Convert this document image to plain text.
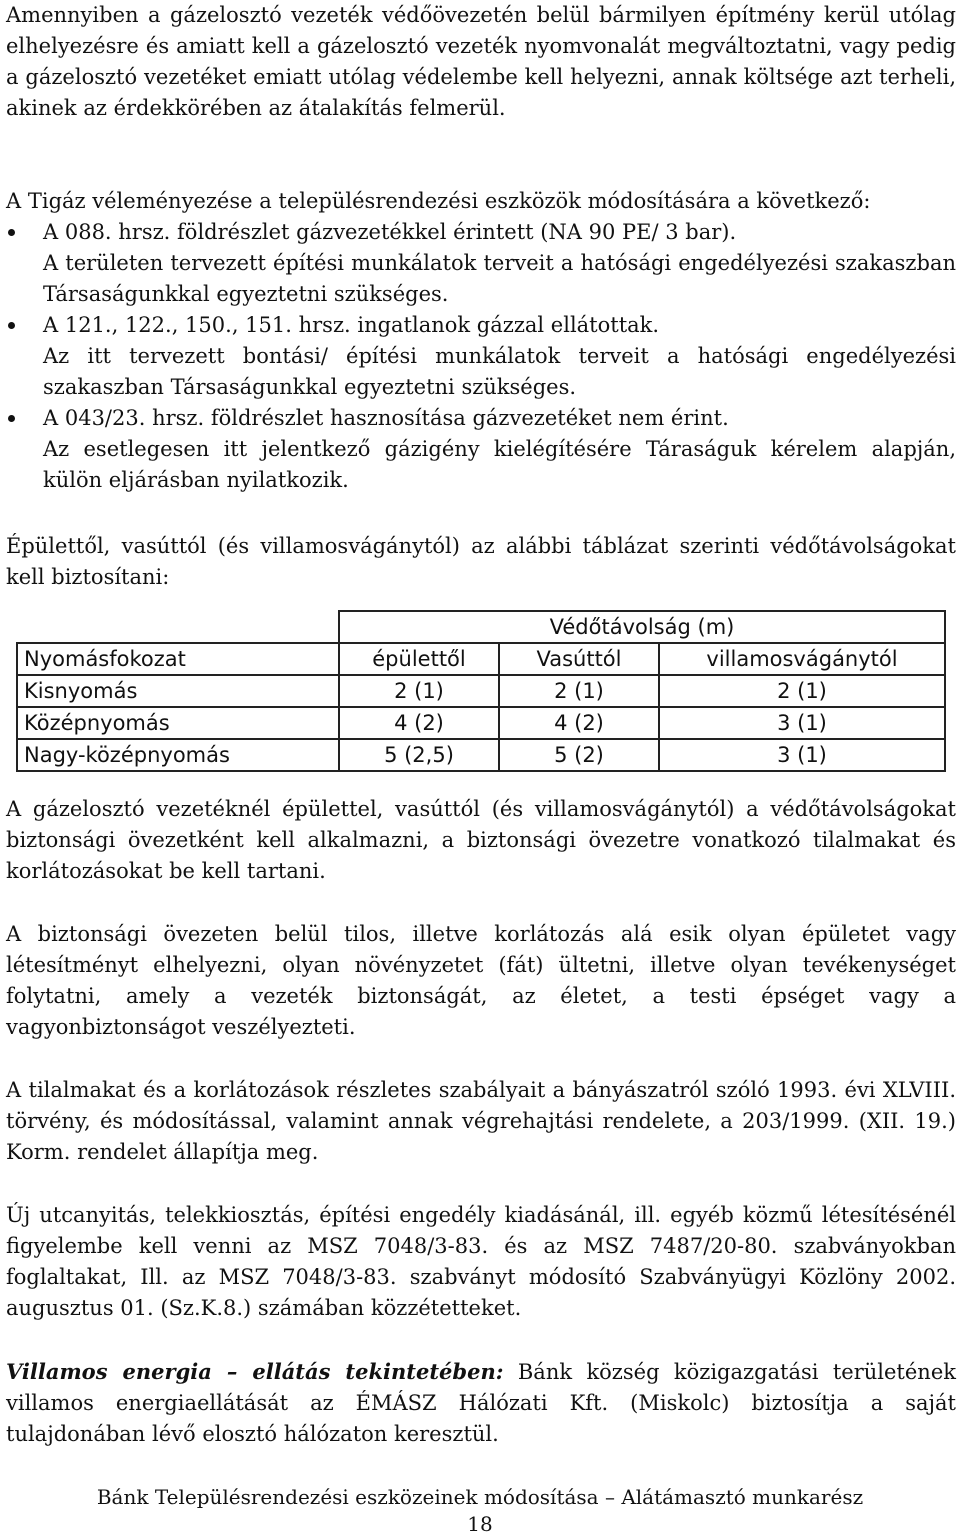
Amennyiben a gázelosztó vezeték védőövezetén belül bármilyen építmény kerül utólag elhelyezésre és amiatt kell a gázelosztó vezeték nyomvonalát megváltoztatni, vagy pedig a gázelosztó vezetéket emiatt utólag védelembe kell helyezni, annak költsége azt terheli, akinek az érdekkörében az átalakítás felmerül.

A Tigáz véleményezése a településrendezési eszközök módosítására a következő:

A 088. hrsz. földrészlet gázvezetékkel érintett (NA 90 PE/ 3 bar).
A területen tervezett építési munkálatok terveit a hatósági engedélyezési szakaszban Társaságunkkal egyeztetni szükséges.
A 121., 122., 150., 151. hrsz. ingatlanok gázzal ellátottak.
Az itt tervezett bontási/ építési munkálatok terveit a hatósági engedélyezési szakaszban Társaságunkkal egyeztetni szükséges.
A 043/23. hrsz. földrészlet hasznosítása gázvezetéket nem érint.
Az esetlegesen itt jelentkező gázigény kielégítésére Táraságuk kérelem alapján, külön eljárásban nyilatkozik.

Épülettől, vasúttól (és villamosvágánytól) az alábbi táblázat szerinti védőtávolságokat kell biztosítani:

A gázelosztó vezetéknél épülettel, vasúttól (és villamosvágánytól) a védőtávolságokat biztonsági övezetként kell alkalmazni, a biztonsági övezetre vonatkozó tilalmakat és korlátozásokat be kell tartani.

A biztonsági övezeten belül tilos, illetve korlátozás alá esik olyan épületet vagy létesítményt elhelyezni, olyan növényzetet (fát) ültetni, illetve olyan tevékenységet folytatni, amely a vezeték biztonságát, az életet, a testi épséget vagy a vagyonbiztonságot veszélyezteti.

A tilalmakat és a korlátozások részletes szabályait a bányászatról szóló 1993. évi XLVIII. törvény, és módosítással, valamint annak végrehajtási rendelete, a 203/1999. (XII. 19.) Korm. rendelet állapítja meg.

Új utcanyitás, telekkiosztás, építési engedély kiadásánál, ill. egyéb közmű létesítésénél figyelembe kell venni az MSZ 7048/3-83. és az MSZ 7487/20-80. szabványokban foglaltakat, Ill. az MSZ 7048/3-83. szabványt módosító Szabványügyi Közlöny 2002. augusztus 01. (Sz.K.8.) számában közzétetteket.

Villamos energia – ellátás tekintetében: Bánk község közigazgatási területének villamos energiaellátását az ÉMÁSZ Hálózati Kft. (Miskolc) biztosítja a saját tulajdonában lévő elosztó hálózaton keresztül.

	Védőtávolság (m)		
Nyomásfokozat	épülettől	Vasúttól	villamosvágánytól
Kisnyomás	2 (1)	2 (1)	2 (1)
Középnyomás	4 (2)	4 (2)	3 (1)
Nagy-középnyomás	5 (2,5)	5 (2)	3 (1)
Bánk Településrendezési eszközeinek módosítása – Alátámasztó munkarész
18
